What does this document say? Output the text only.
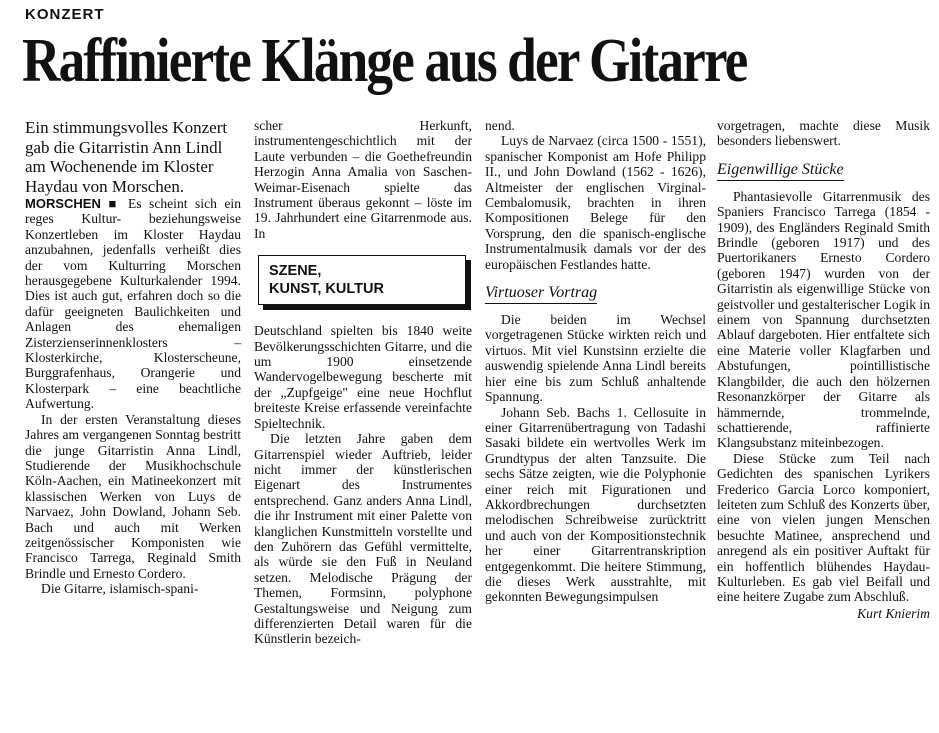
KONZERT
Raffinierte Klänge aus der Gitarre

Ein stimmungsvolles Konzert gab die Gitarristin Ann Lindl am Wochenende im Kloster Haydau von Morschen.

MORSCHEN ■ Es scheint sich ein reges Kultur- beziehungsweise Konzertleben im Kloster Haydau anzubahnen, jedenfalls verheißt dies der vom Kulturring Morschen herausgegebene Kulturkalender 1994. Dies ist auch gut, erfahren doch so die dafür geeigneten Baulichkeiten und Anlagen des ehemaligen Zisterzienserinnenklosters – Klosterkirche, Klosterscheune, Burggrafenhaus, Orangerie und Klosterpark – eine beachtliche Aufwertung.

In der ersten Veranstaltung dieses Jahres am vergangenen Sonntag bestritt die junge Gitarristin Anna Lindl, Studierende der Musikhochschule Köln-Aachen, ein Matineekonzert mit klassischen Werken von Luys de Narvaez, John Dowland, Johann Seb. Bach und auch mit Werken zeitgenössischer Komponisten wie Francisco Tarrega, Reginald Smith Brindle und Ernesto Cordero.

Die Gitarre, islamisch-spani-

scher Herkunft, instrumentengeschichtlich mit der Laute verbunden – die Goethefreundin Herzogin Anna Amalia von Saschen-Weimar-Eisenach spielte das Instrument überaus gekonnt – löste im 19. Jahrhundert eine Gitarrenmode aus. In

SZENE,
KUNST, KULTUR

Deutschland spielten bis 1840 weite Bevölkerungsschichten Gitarre, und die um 1900 einsetzende Wandervogelbewegung bescherte mit der „Zupfgeige" eine neue Hochflut breiteste Kreise erfassende vereinfachte Spieltechnik.

Die letzten Jahre gaben dem Gitarrenspiel wieder Auftrieb, leider nicht immer der künstlerischen Eigenart des Instrumentes entsprechend. Ganz anders Anna Lindl, die ihr Instrument mit einer Palette von klanglichen Kunstmitteln vorstellte und den Zuhörern das Gefühl vermittelte, als würde sie den Fuß in Neuland setzen. Melodische Prägung der Themen, Formsinn, polyphone Gestaltungsweise und Neigung zum differenzierten Detail waren für die Künstlerin bezeich-

nend.

Luys de Narvaez (circa 1500 - 1551), spanischer Komponist am Hofe Philipp II., und John Dowland (1562 - 1626), Altmeister der englischen Virginal-Cembalomusik, brachten in ihren Kompositionen Belege für den Vorsprung, den die spanisch-englische Instrumentalmusik damals vor der des europäischen Festlandes hatte.

Virtuoser Vortrag

Die beiden im Wechsel vorgetragenen Stücke wirkten reich und virtuos. Mit viel Kunstsinn erzielte die auswendig spielende Anna Lindl bereits hier eine bis zum Schluß anhaltende Spannung.

Johann Seb. Bachs 1. Cellosuite in einer Gitarrenübertragung von Tadashi Sasaki bildete ein wertvolles Werk im Grundtypus der alten Tanzsuite. Die sechs Sätze zeigten, wie die Polyphonie einer reich mit Figurationen und Akkordbrechungen durchsetzten melodischen Schreibweise zurücktritt und auch von der Kompositionstechnik her einer Gitarrentranskription entgegenkommt. Die heitere Stimmung, die dieses Werk ausstrahlte, mit gekonnten Bewegungsimpulsen

vorgetragen, machte diese Musik besonders liebenswert.

Eigenwillige Stücke

Phantasievolle Gitarrenmusik des Spaniers Francisco Tarrega (1854 - 1909), des Engländers Reginald Smith Brindle (geboren 1917) und des Puertorikaners Ernesto Cordero (geboren 1947) wurden von der Gitarristin als eigenwillige Stücke von geistvoller und gestalterischer Logik in einem von Spannung durchsetzten Ablauf dargeboten. Hier entfaltete sich eine Materie voller Klagfarben und Abstufungen, pointillistische Klangbilder, die auch den hölzernen Resonanzkörper der Gitarre als hämmernde, trommelnde, schattierende, raffinierte Klangsubstanz miteinbezogen.

Diese Stücke zum Teil nach Gedichten des spanischen Lyrikers Frederico Garcia Lorco komponiert, leiteten zum Schluß des Konzerts über, eine von vielen jungen Menschen besuchte Matinee, ansprechend und anregend als ein positiver Auftakt für ein hoffentlich blühendes Haydau-Kulturleben. Es gab viel Beifall und eine heitere Zugabe zum Abschluß.

Kurt Knierim
